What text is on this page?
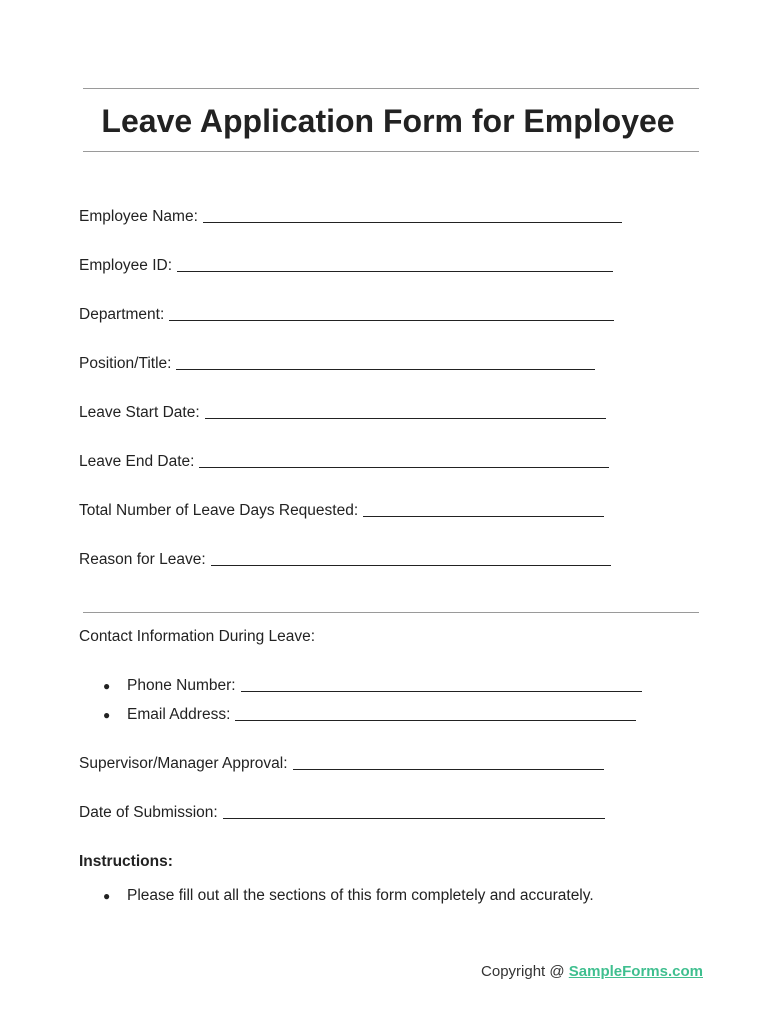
Leave Application Form for Employee
Employee Name:
Employee ID:
Department:
Position/Title:
Leave Start Date:
Leave End Date:
Total Number of Leave Days Requested:
Reason for Leave:
Contact Information During Leave:
● Phone Number:
● Email Address:
Supervisor/Manager Approval:
Date of Submission:
Instructions:
● Please fill out all the sections of this form completely and accurately.
Copyright @ SampleForms.com
